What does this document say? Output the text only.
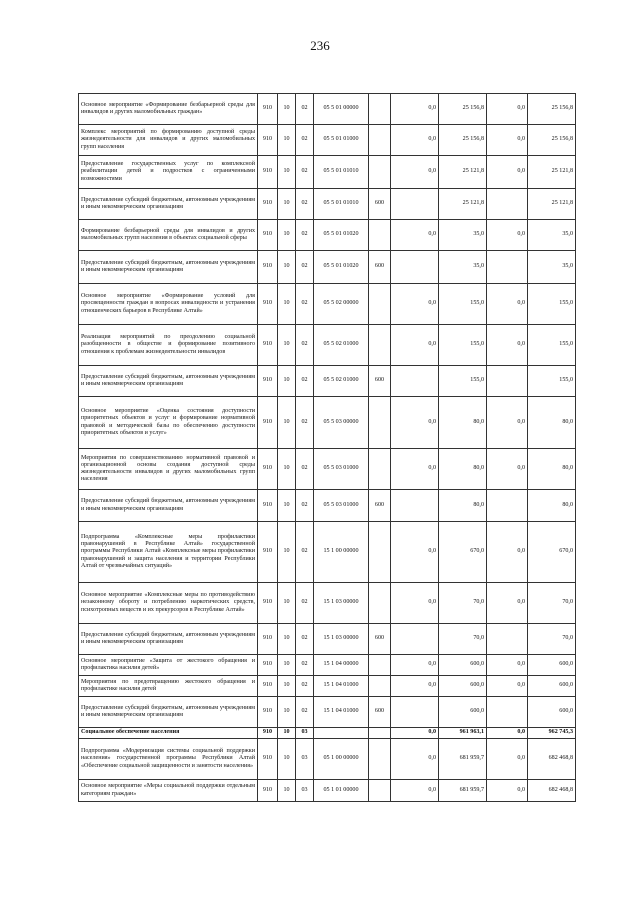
236
Основное мероприятие «Формирование безбарьерной среды для инвалидов и других маломобильных граждан»	910	10	02	05 5 01 00000		0,0	25 156,8	0,0	25 156,8
Комплекс мероприятий по формированию доступной среды жизнедеятельности для инвалидов и других маломобильных групп населения	910	10	02	05 5 01 01000		0,0	25 156,8	0,0	25 156,8
Предоставление государственных услуг по комплексной реабилитации детей и подростков с ограниченными возможностями	910	10	02	05 5 01 01010		0,0	25 121,8	0,0	25 121,8
Предоставление субсидий бюджетным, автономным учреждениям и иным некоммерческим организациям	910	10	02	05 5 01 01010	600		25 121,8		25 121,8
Формирование безбарьерной среды для инвалидов и других маломобильных групп населения в объектах социальной сферы	910	10	02	05 5 01 01020		0,0	35,0	0,0	35,0
Предоставление субсидий бюджетным, автономным учреждениям и иным некоммерческим организациям	910	10	02	05 5 01 01020	600		35,0		35,0
Основное мероприятие «Формирование условий для просвещенности граждан в вопросах инвалидности и устранения отношенческих барьеров в Республике Алтай»	910	10	02	05 5 02 00000		0,0	155,0	0,0	155,0
Реализация мероприятий по преодолению социальной разобщенности в обществе и формирование позитивного отношения к проблемам жизнедеятельности инвалидов	910	10	02	05 5 02 01000		0,0	155,0	0,0	155,0
Предоставление субсидий бюджетным, автономным учреждениям и иным некоммерческим организациям	910	10	02	05 5 02 01000	600		155,0		155,0
Основное мероприятие «Оценка состояния доступности приоритетных объектов и услуг и формирование нормативной правовой и методической базы по обеспечению доступности приоритетных объектов и услуг»	910	10	02	05 5 03 00000		0,0	80,0	0,0	80,0
Мероприятия по совершенствованию нормативной правовой и организационной основы создания доступной среды жизнедеятельности инвалидов и других маломобильных групп населения	910	10	02	05 5 03 01000		0,0	80,0	0,0	80,0
Предоставление субсидий бюджетным, автономным учреждениям и иным некоммерческим организациям	910	10	02	05 5 03 01000	600		80,0		80,0
Подпрограмма «Комплексные меры профилактики правонарушений в Республике Алтай» государственной программы Республики Алтай «Комплексные меры профилактики правонарушений и защита населения и территории Республики Алтай от чрезвычайных ситуаций»	910	10	02	15 1 00 00000		0,0	670,0	0,0	670,0
Основное мероприятие «Комплексные меры по противодействию незаконному обороту и потреблению наркотических средств, психотропных веществ и их прекурсоров в Республике Алтай»	910	10	02	15 1 03 00000		0,0	70,0	0,0	70,0
Предоставление субсидий бюджетным, автономным учреждениям и иным некоммерческим организациям	910	10	02	15 1 03 00000	600		70,0		70,0
Основное мероприятие «Защита от жестокого обращения и профилактика насилия детей»	910	10	02	15 1 04 00000		0,0	600,0	0,0	600,0
Мероприятия по предотвращению жестокого обращения и профилактике насилия детей	910	10	02	15 1 04 01000		0,0	600,0	0,0	600,0
Предоставление субсидий бюджетным, автономным учреждениям и иным некоммерческим организациям	910	10	02	15 1 04 01000	600		600,0		600,0
Социальное обеспечение населения	910	10	03			0,0	961 963,1	0,0	962 745,3
Подпрограмма «Модернизация системы социальной поддержки населения» государственной программы Республики Алтай «Обеспечение социальной защищенности и занятости населения»	910	10	03	05 1 00 00000		0,0	681 959,7	0,0	682 468,8
Основное мероприятие «Меры социальной поддержки отдельным категориям граждан»	910	10	03	05 1 01 00000		0,0	681 959,7	0,0	682 468,8
